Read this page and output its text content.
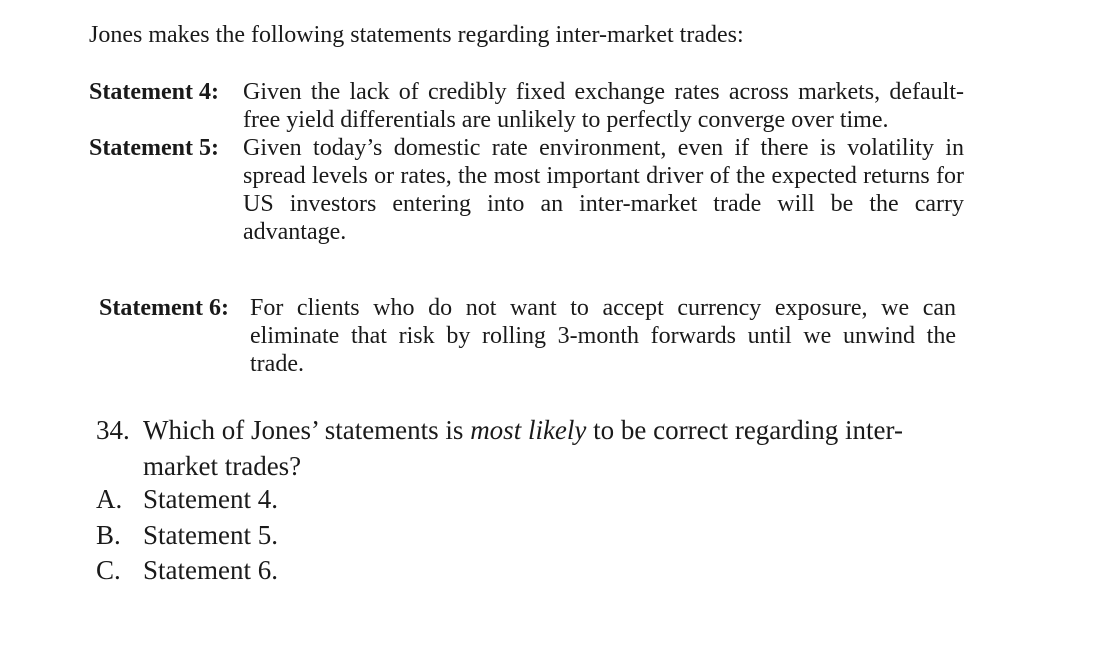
Jones makes the following statements regarding inter-market trades:
Statement 4:	Given the lack of credibly fixed exchange rates across markets, default-free yield differentials are unlikely to perfectly converge over time.
Statement 5:	Given today’s domestic rate environment, even if there is volatility in spread levels or rates, the most important driver of the expected returns for US investors entering into an inter-market trade will be the carry advantage.
Statement 6: For clients who do not want to accept currency exposure, we can eliminate that risk by rolling 3-month forwards until we unwind the trade.
34. Which of Jones’ statements is most likely to be correct regarding inter-market trades?
A. Statement 4.
B. Statement 5.
C. Statement 6.
